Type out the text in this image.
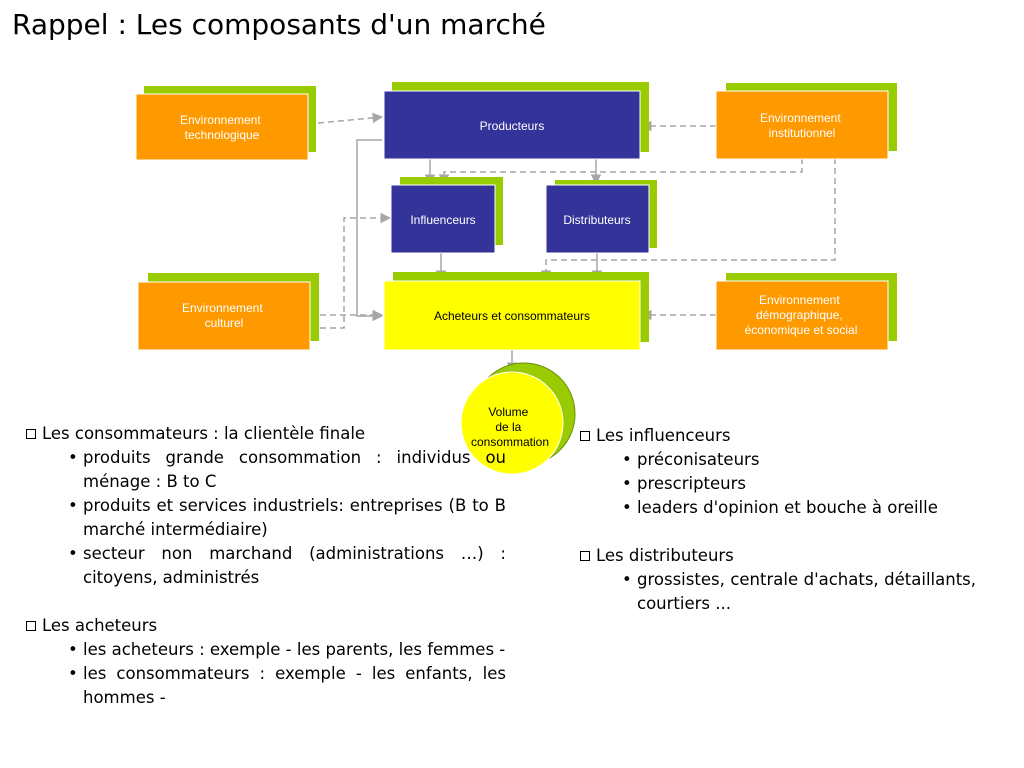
Rappel : Les composants d'un marché
Environnement technologique
Producteurs
Environnement institutionnel
Influenceurs	Distributeurs
Environnement culturel	Acheteurs et consommateurs
Environnement démographique, économique et social
Volume de la consommation
Les consommateurs : la clientèle finale
• produits grande consommation : individus ou ménage : B to C
• produits et services industriels: entreprises (B to B marché intermédiaire)
• secteur non marchand (administrations …) : citoyens, administrés
Les acheteurs
• les acheteurs : exemple - les parents, les femmes -
• les consommateurs : exemple - les enfants, les hommes -
Les influenceurs
• préconisateurs
• prescripteurs
• leaders d'opinion et bouche à oreille
Les distributeurs
• grossistes, centrale d'achats, détaillants, courtiers ...
